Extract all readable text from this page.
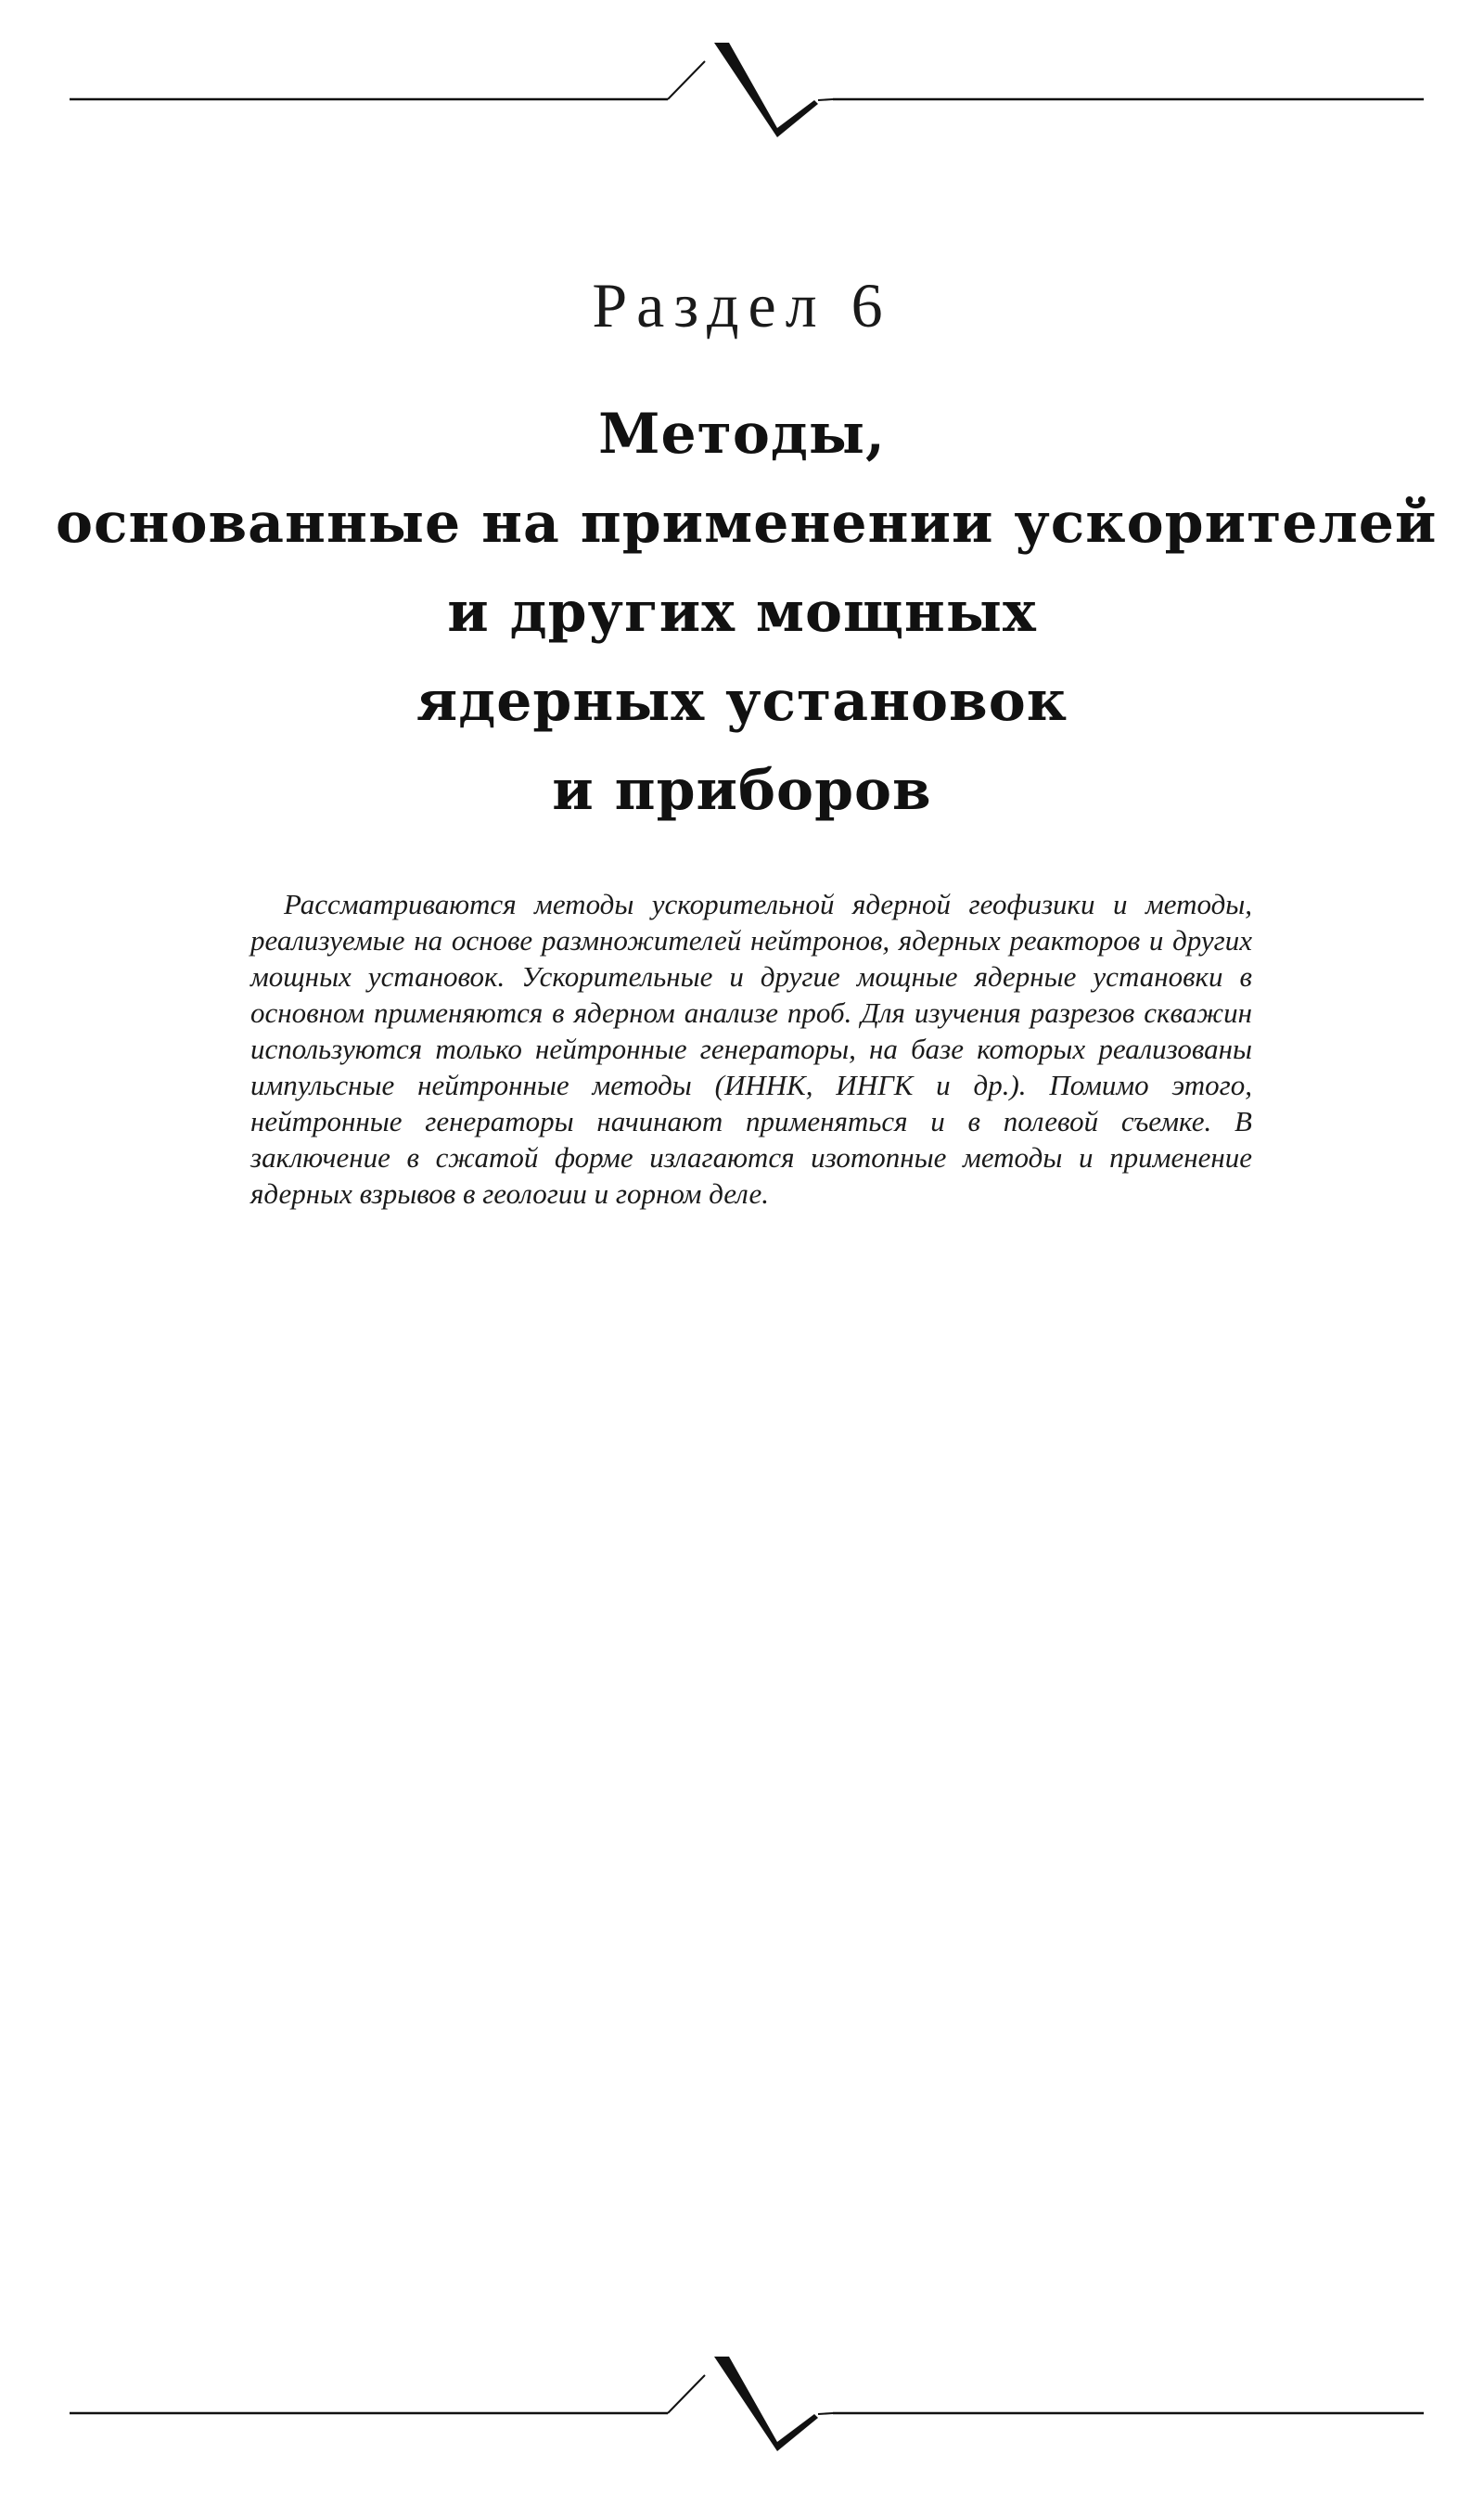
Раздел 6
Методы,
основанные на применении ускорителей
и других мощных
ядерных установок
и приборов

Рассматриваются методы ускорительной ядерной геофизики и методы, реализуемые на основе размножителей нейтронов, ядерных реакторов и других мощных установок. Ускорительные и другие мощные ядерные установки в основном применяются в ядерном анализе проб. Для изучения разрезов скважин используются только нейтронные генераторы, на базе которых реализованы импульсные нейтронные методы (ИННК, ИНГК и др.). Помимо этого, нейтронные генераторы начинают применяться и в полевой съемке. В заключение в сжатой форме излагаются изотопные методы и применение ядерных взрывов в геологии и горном деле.
